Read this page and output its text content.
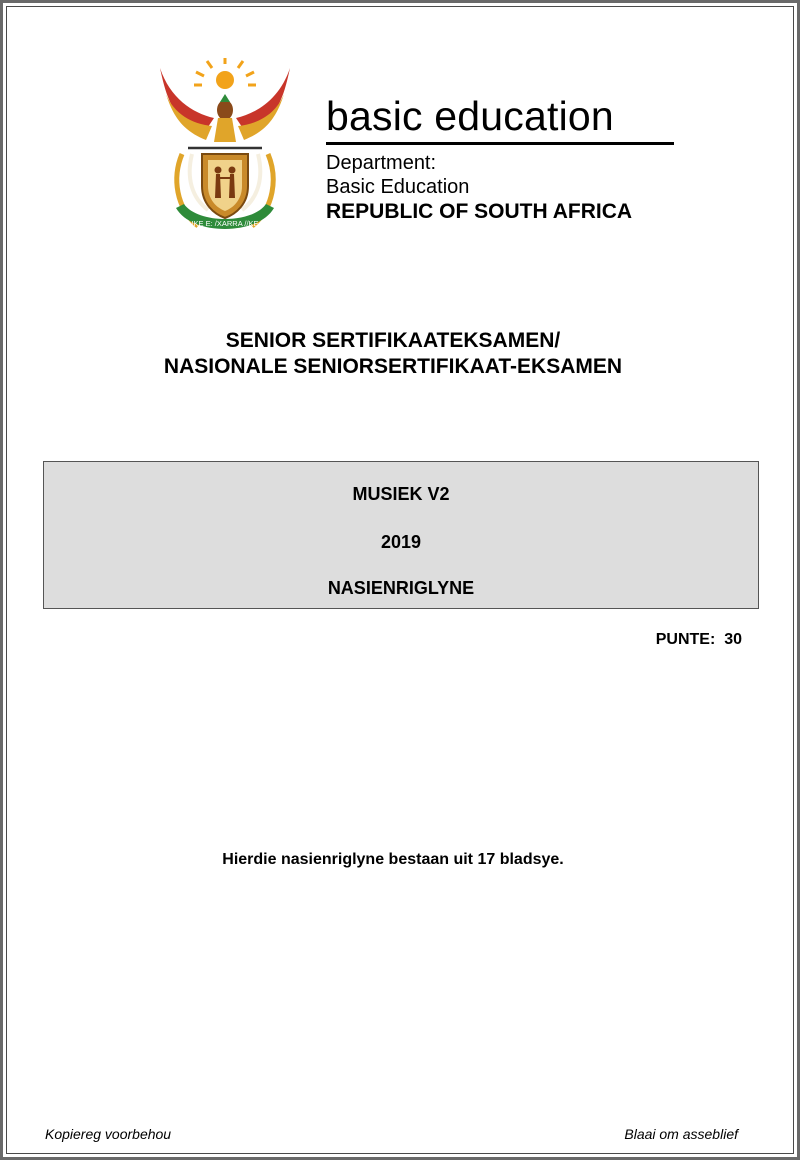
!KE E: /XARRA //KE
basic education
Department:
Basic Education
REPUBLIC OF SOUTH AFRICA
SENIOR SERTIFIKAATEKSAMEN/
NASIONALE SENIORSERTIFIKAAT-EKSAMEN
MUSIEK V2
2019
NASIENRIGLYNE
PUNTE:  30
Hierdie nasienriglyne bestaan uit 17 bladsye.
Kopiereg voorbehou	Blaai om asseblief
